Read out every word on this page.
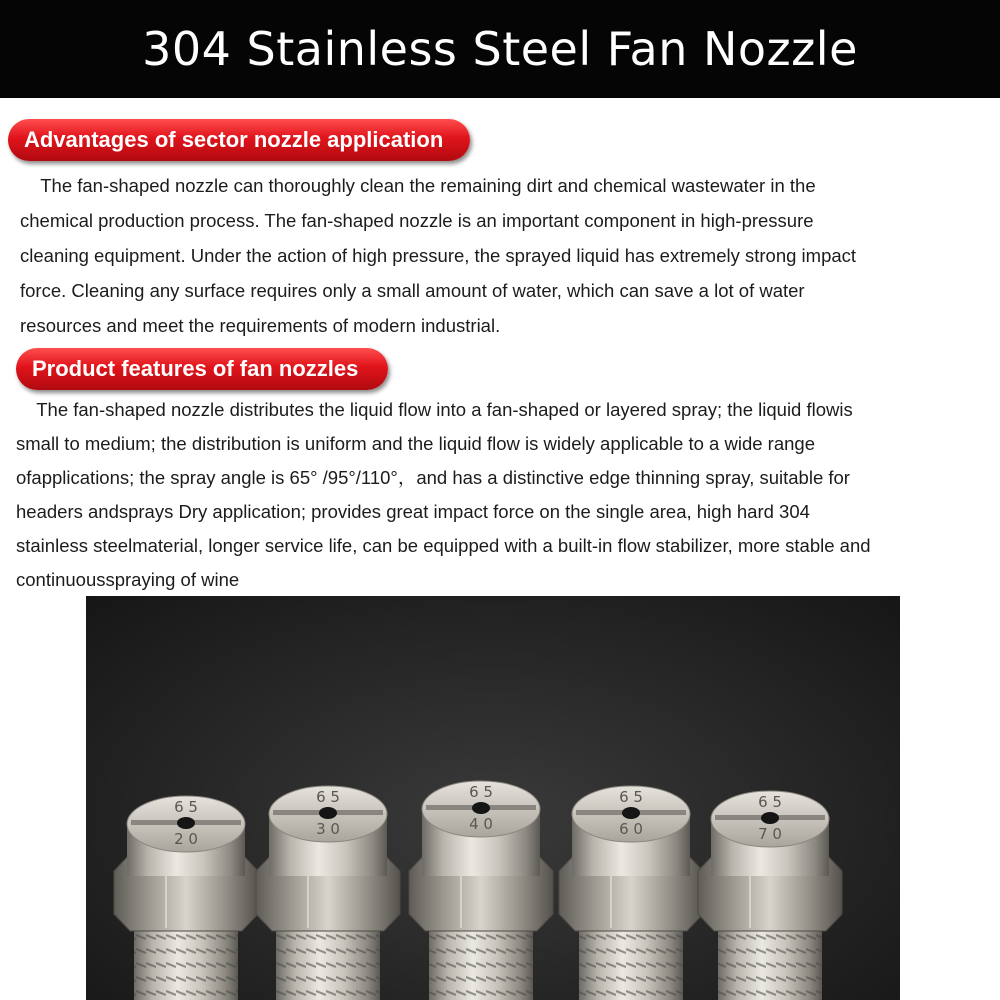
304 Stainless Steel Fan Nozzle
Advantages of sector nozzle application
The fan-shaped nozzle can thoroughly clean the remaining dirt and chemical wastewater in the
chemical production process. The fan-shaped nozzle is an important component in high-pressure
cleaning equipment. Under the action of high pressure, the sprayed liquid has extremely strong impact
force. Cleaning any surface requires only a small amount of water, which can save a lot of water
resources and meet the requirements of modern industrial.
Product features of fan nozzles
The fan-shaped nozzle distributes the liquid flow into a fan-shaped or layered spray; the liquid flowis
small to medium; the distribution is uniform and the liquid flow is widely applicable to a wide range
ofapplications; the spray angle is 65° /95°/110°，and has a distinctive edge thinning spray, suitable for
headers andsprays Dry application; provides great impact force on the single area, high hard 304
stainless steelmaterial, longer service life, can be equipped with a built-in flow stabilizer, more stable and
continuousspraying of wine
6 5
2 0
6 5
3 0
6 5
4 0
6 5
6 0
6 5
7 0
